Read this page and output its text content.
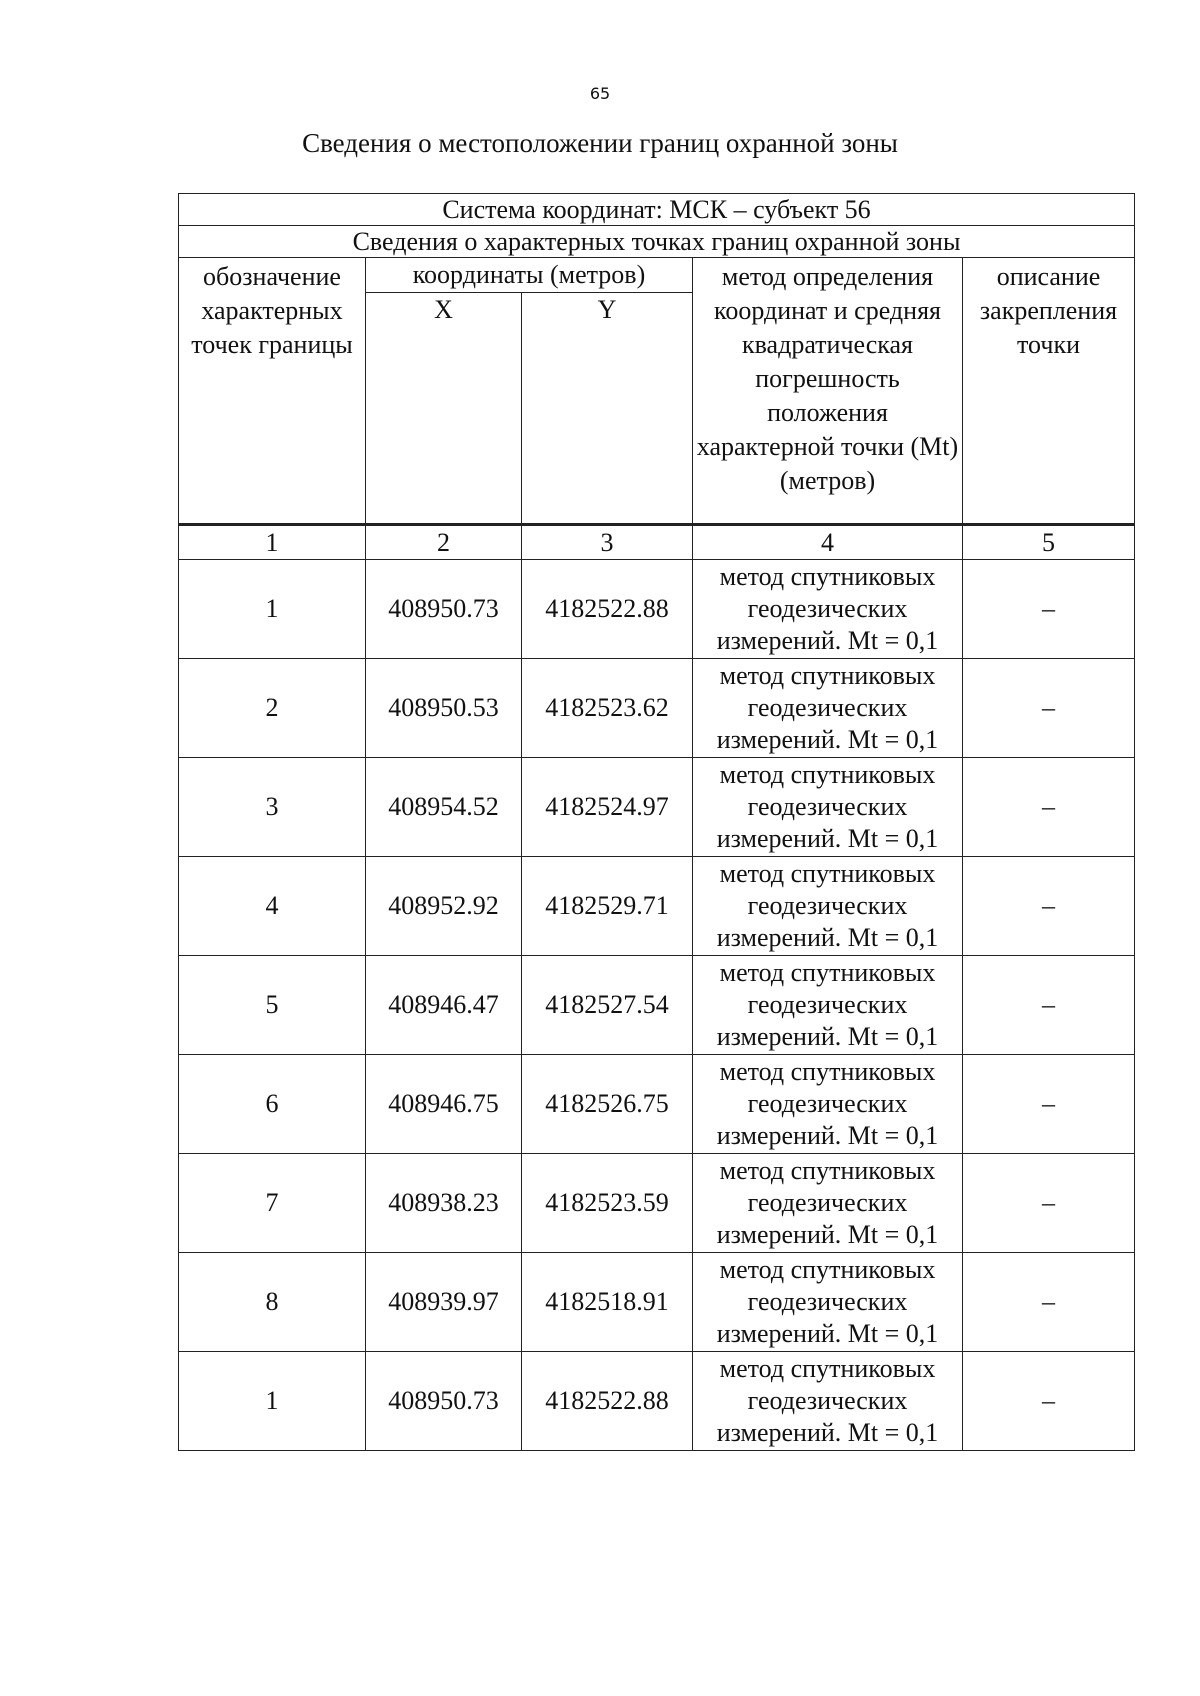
65
Сведения о местоположении границ охранной зоны
Система координат: МСК – субъект 56				
Сведения о характерных точках границ охранной зоны				
обозначение характерных точек границы	координаты (метров)		метод определения координат и средняя квадратическая погрешность положения характерной точки (Mt) (метров)	описание закрепления точки
	X	Y		
1	2	3	4	5
1	408950.73	4182522.88	метод спутниковых
геодезических
измерений. Mt = 0,1	–
2	408950.53	4182523.62	метод спутниковых
геодезических
измерений. Mt = 0,1	–
3	408954.52	4182524.97	метод спутниковых
геодезических
измерений. Mt = 0,1	–
4	408952.92	4182529.71	метод спутниковых
геодезических
измерений. Mt = 0,1	–
5	408946.47	4182527.54	метод спутниковых
геодезических
измерений. Mt = 0,1	–
6	408946.75	4182526.75	метод спутниковых
геодезических
измерений. Mt = 0,1	–
7	408938.23	4182523.59	метод спутниковых
геодезических
измерений. Mt = 0,1	–
8	408939.97	4182518.91	метод спутниковых
геодезических
измерений. Mt = 0,1	–
1	408950.73	4182522.88	метод спутниковых
геодезических
измерений. Mt = 0,1	–
